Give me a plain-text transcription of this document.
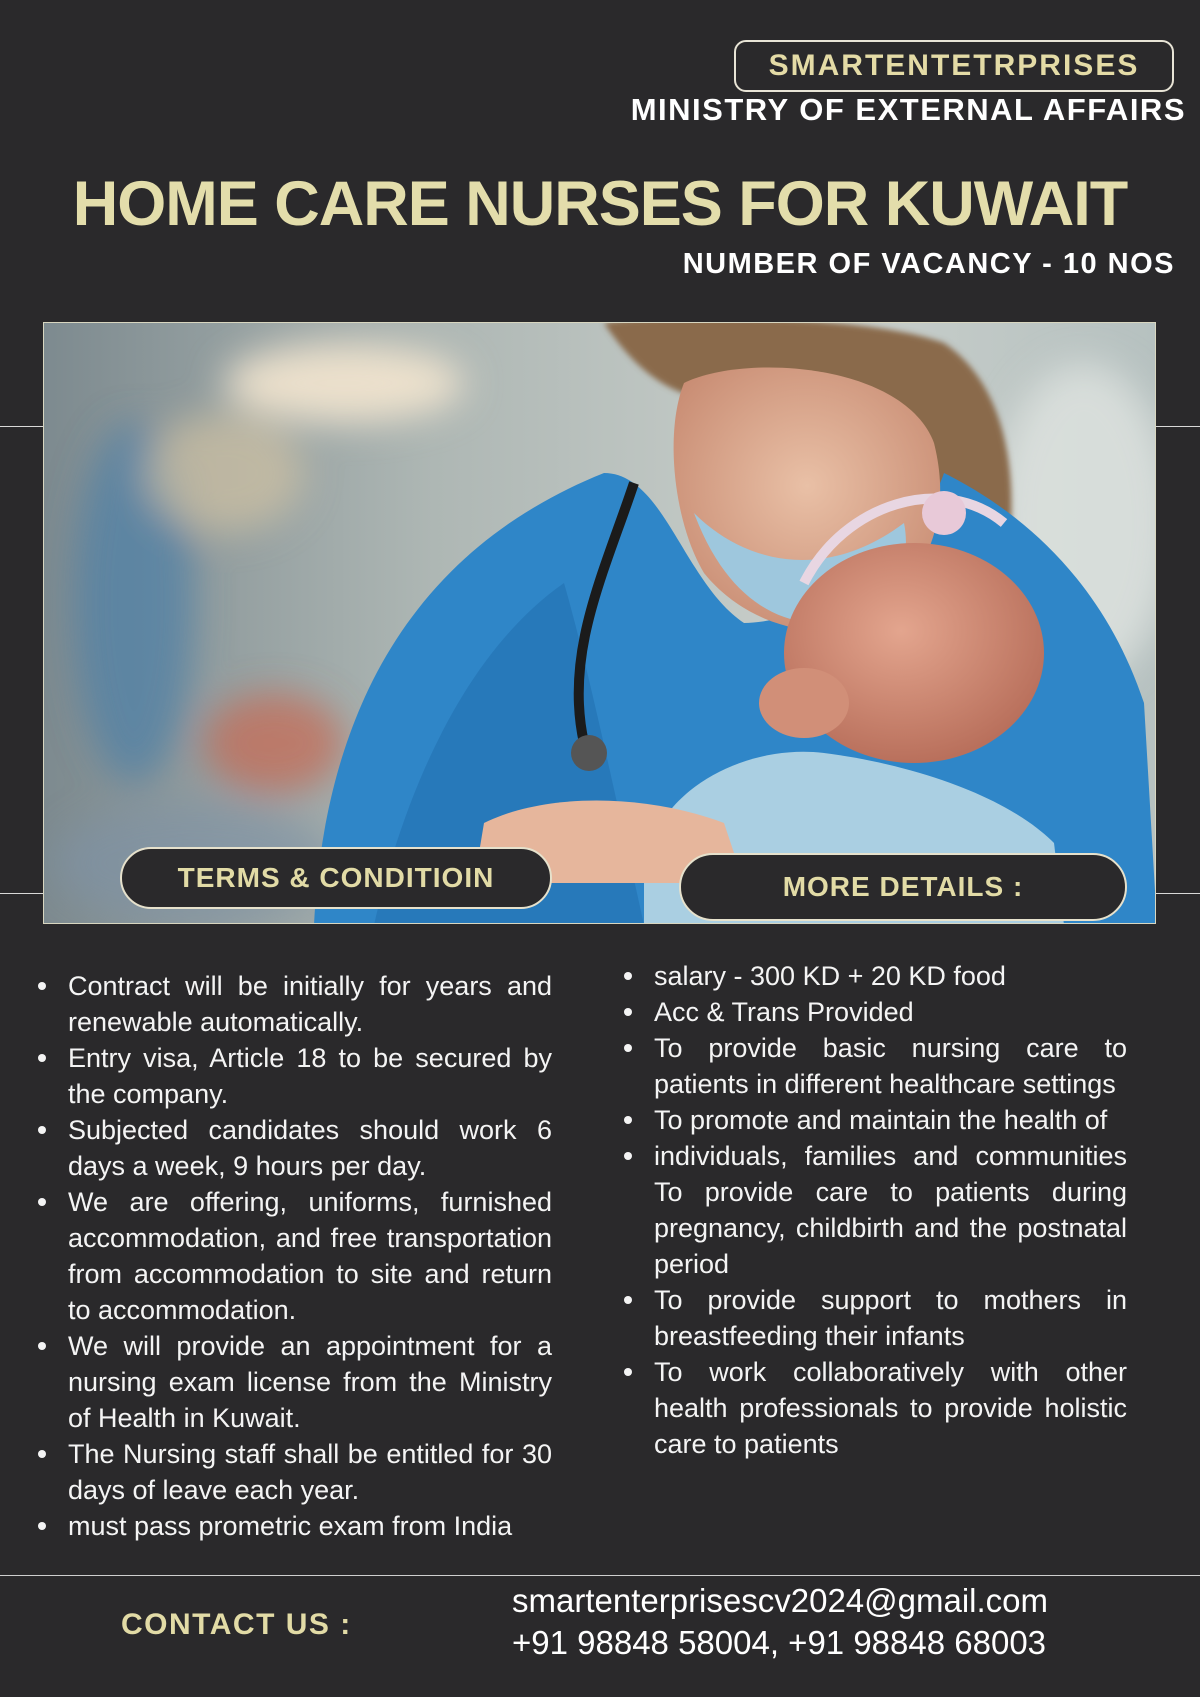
SMARTENTETRPRISES
MINISTRY OF EXTERNAL AFFAIRS
HOME CARE NURSES FOR KUWAIT
NUMBER OF VACANCY - 10 NOS
TERMS & CONDITIOIN	MORE DETAILS :
Contract will be initially for years and renewable automatically.
Entry visa, Article 18 to be secured by the company.
Subjected candidates should work 6 days a week, 9 hours per day.
We are offering, uniforms, furnished accommodation, and free transportation from accommodation to site and return to accommodation.
We will provide an appointment for a nursing exam license from the Ministry of Health in Kuwait.
The Nursing staff shall be entitled for 30 days of leave each year.
must pass prometric exam from India
salary - 300 KD + 20 KD food
Acc & Trans Provided
To provide basic nursing care to patients in different healthcare settings
To promote and maintain the health of
individuals, families and communities To provide care to patients during pregnancy, childbirth and the postnatal period
To provide support to mothers in breastfeeding their infants
To work collaboratively with other health professionals to provide holistic care to patients
CONTACT US :
smartenterprisescv2024@gmail.com
+91 98848 58004, +91 98848 68003
